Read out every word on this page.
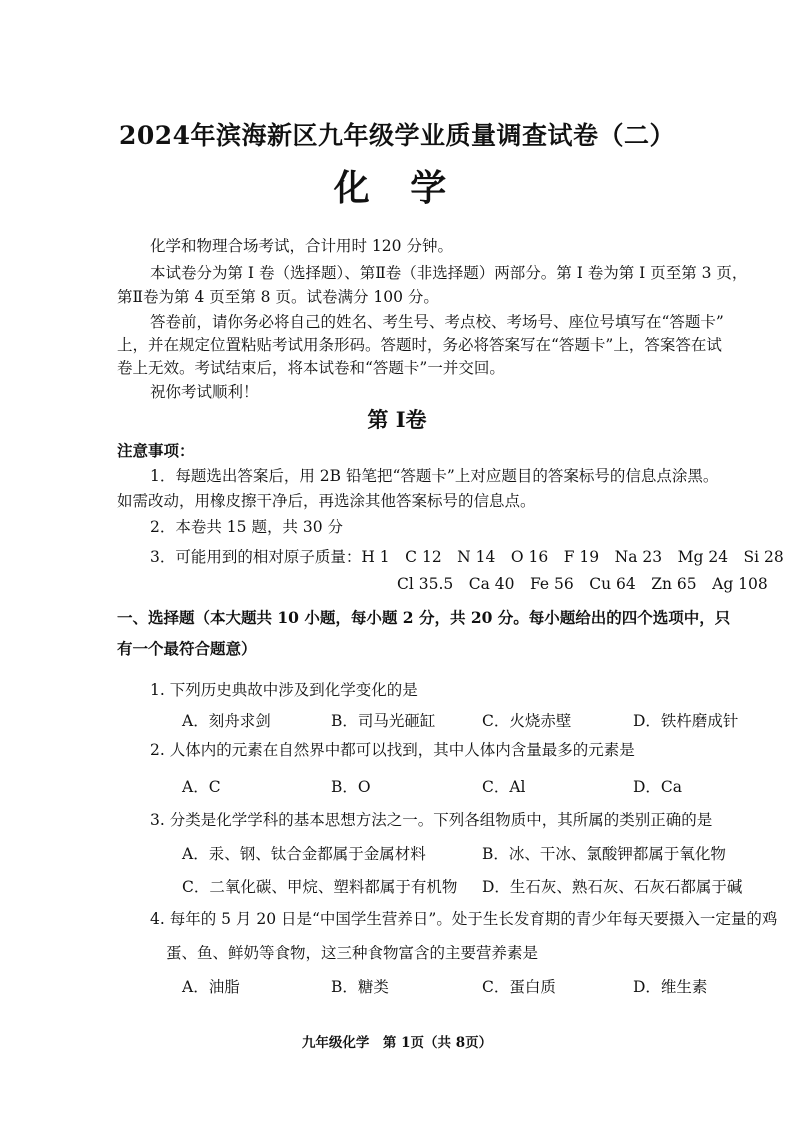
2024年滨海新区九年级学业质量调查试卷（二）
化 学
化学和物理合场考试，合计用时 120 分钟。
本试卷分为第 I 卷（选择题）、第Ⅱ卷（非选择题）两部分。第 I 卷为第 I 页至第 3 页，
第Ⅱ卷为第 4 页至第 8 页。试卷满分 100 分。
答卷前，请你务必将自己的姓名、考生号、考点校、考场号、座位号填写在“答题卡”
上，并在规定位置粘贴考试用条形码。答题时，务必将答案写在“答题卡”上，答案答在试
卷上无效。考试结束后，将本试卷和“答题卡”一并交回。
祝你考试顺利！
第 I卷
注意事项：
1．每题选出答案后，用 2B 铅笔把“答题卡”上对应题目的答案标号的信息点涂黑。
如需改动，用橡皮擦干净后，再选涂其他答案标号的信息点。
2．本卷共 15 题，共 30 分
3．可能用到的相对原子质量：H 1　C 12　N 14　O 16　F 19　Na 23　Mg 24　Si 28
Cl 35.5　Ca 40　Fe 56　Cu 64　Zn 65　Ag 108
一、选择题（本大题共 10 小题，每小题 2 分，共 20 分。每小题给出的四个选项中，只
有一个最符合题意）
1. 下列历史典故中涉及到化学变化的是
A．刻舟求剑	B．司马光砸缸	C．火烧赤壁	D．铁杵磨成针
2. 人体内的元素在自然界中都可以找到，其中人体内含量最多的元素是
A．C	B．O	C．Al	D．Ca
3. 分类是化学学科的基本思想方法之一。下列各组物质中，其所属的类别正确的是
A．汞、钢、钛合金都属于金属材料	B．冰、干冰、氯酸钾都属于氧化物
C．二氧化碳、甲烷、塑料都属于有机物 D．生石灰、熟石灰、石灰石都属于碱
4. 每年的 5 月 20 日是“中国学生营养日”。处于生长发育期的青少年每天要摄入一定量的鸡
蛋、鱼、鲜奶等食物，这三种食物富含的主要营养素是
A．油脂	B．糖类	C．蛋白质	D．维生素
九年级化学　第 1页（共 8页）
